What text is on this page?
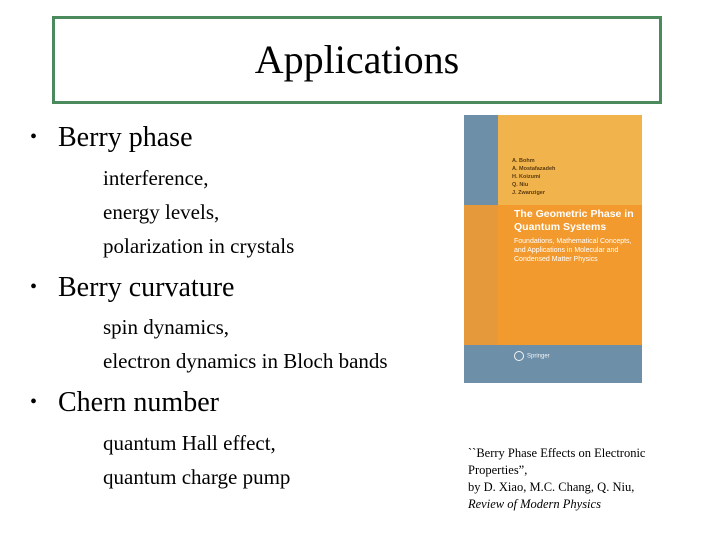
Applications
• Berry phase
interference,
energy levels,
polarization in crystals
• Berry curvature
spin dynamics,
electron dynamics in Bloch bands
• Chern number
quantum Hall effect,
quantum charge pump
A. Bohm
A. Mostafazadeh
H. Koizumi
Q. Niu
J. Zwanziger
The Geometric Phase in Quantum Systems
Foundations, Mathematical Concepts, and Applications in Molecular and Condensed Matter Physics
Springer
``Berry Phase Effects on Electronic Properties”,
by D. Xiao, M.C. Chang, Q. Niu,
Review of Modern Physics
